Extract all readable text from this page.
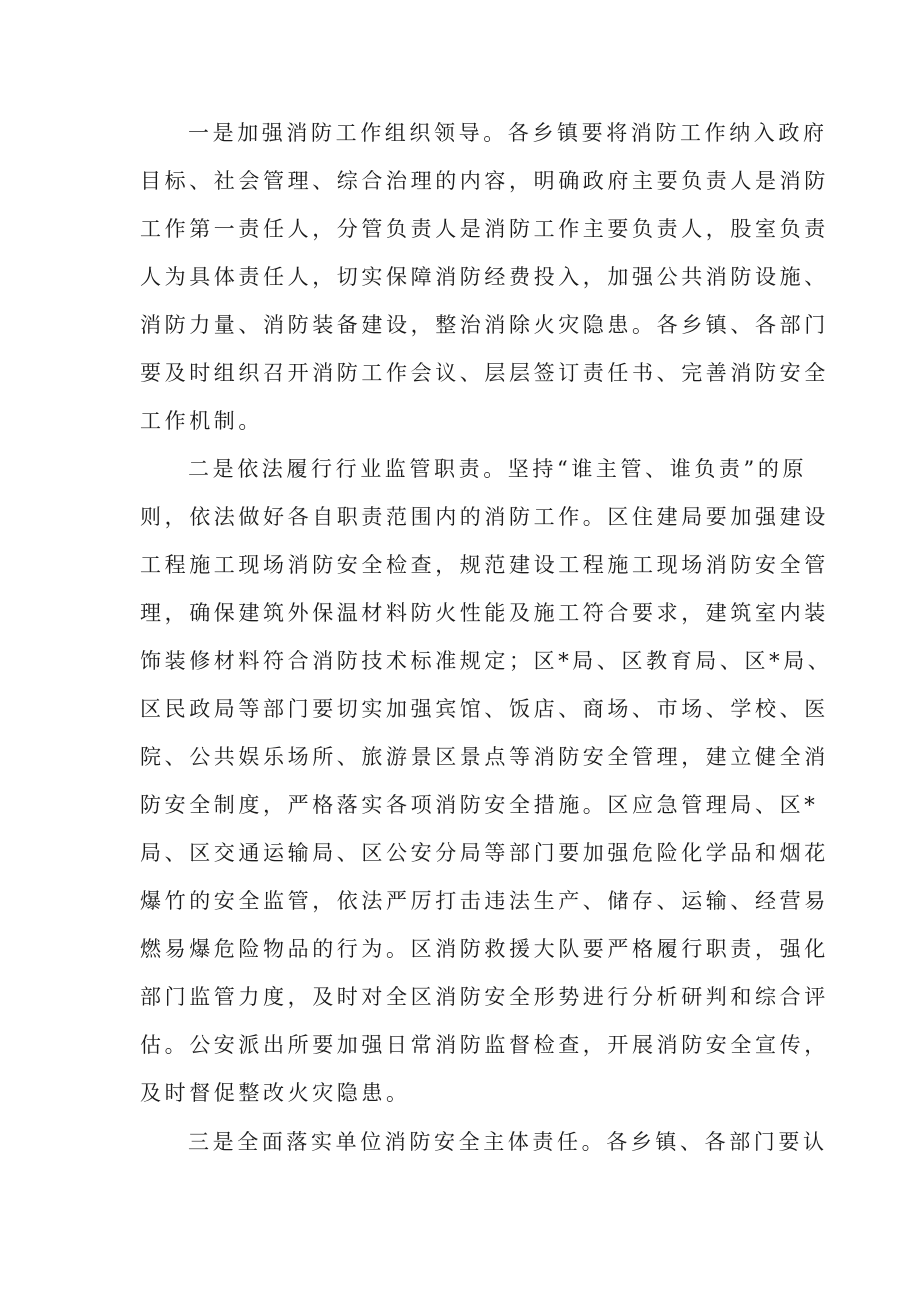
一是加强消防工作组织领导。各乡镇要将消防工作纳入政府

目标、社会管理、综合治理的内容，明确政府主要负责人是消防

工作第一责任人，分管负责人是消防工作主要负责人，股室负责

人为具体责任人，切实保障消防经费投入，加强公共消防设施、

消防力量、消防装备建设，整治消除火灾隐患。各乡镇、各部门

要及时组织召开消防工作会议、层层签订责任书、完善消防安全

工作机制。

二是依法履行行业监管职责。坚持“谁主管、谁负责”的原

则，依法做好各自职责范围内的消防工作。区住建局要加强建设

工程施工现场消防安全检查，规范建设工程施工现场消防安全管

理，确保建筑外保温材料防火性能及施工符合要求，建筑室内装

饰装修材料符合消防技术标准规定；区*局、区教育局、区*局、

区民政局等部门要切实加强宾馆、饭店、商场、市场、学校、医

院、公共娱乐场所、旅游景区景点等消防安全管理，建立健全消

防安全制度，严格落实各项消防安全措施。区应急管理局、区*

局、区交通运输局、区公安分局等部门要加强危险化学品和烟花

爆竹的安全监管，依法严厉打击违法生产、储存、运输、经营易

燃易爆危险物品的行为。区消防救援大队要严格履行职责，强化

部门监管力度，及时对全区消防安全形势进行分析研判和综合评

估。公安派出所要加强日常消防监督检查，开展消防安全宣传，

及时督促整改火灾隐患。

三是全面落实单位消防安全主体责任。各乡镇、各部门要认
